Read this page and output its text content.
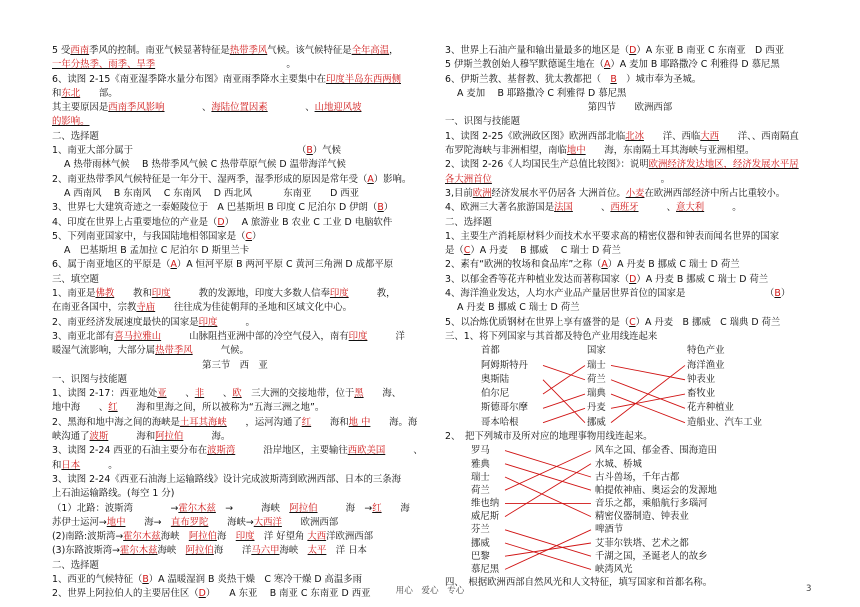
5 受西南季风的控制。南亚气候显著特征是热带季风气候。该气候特征是全年高温，
一年分热季、雨季、旱季　　　　　　　　　　　　　　。
6、读图 2-15《南亚湿季降水量分布图》南亚雨季降水主要集中在印度半岛东西两侧
和东北　　部。
其主要原因是西南季风影响　　　　、海陆位置因素　　　　、山地迎风坡
的影响。
二、选择题
1、南亚大部分属于　　　　　　　　　　　　　　　　　　（B）气候
A 热带雨林气候　 B 热带季风气候 C 热带草原气候 D 温带海洋气候
2、南亚热带季风气候特征是一年分干、湿两季，湿季形成的原因是常年受（A）影响。
A 西南风　 B 东南风　 C 东南风　 D 西北风　　　 东南亚　　D 西亚
3、世界七大建筑奇迹之一泰姬陵位于　A 巴基斯坦 B 印度 C 尼泊尔 D 伊朗（B）
4、印度在世界上占重要地位的产业是（D）　 A 旅游业 B 农业 C 工业 D 电脑软件
5、下列南亚国家中，与我国陆地相邻国家是（C）
A　巴基斯坦 B 孟加拉 C 尼泊尔 D 斯里兰卡
6、属于南亚地区的平原是（A）A 恒河平原 B 两河平原 C 黄河三角洲 D 成都平原
三、填空题
1、南亚是佛教　　教和印度　　　教的发源地，印度大多数人信奉印度　　　教，
在南亚各国中，宗教寺庙　　往往成为佳徒朝拜的圣地和区域文化中心。
2、南亚经济发展速度最快的国家是印度　　　。
3、南亚北部有喜马拉雅山　　　山脉阻挡亚洲中部的冷空气侵入，南有印度　　　洋
暖湿气流影响，大部分属热带季风　　　气候。
第三节　西　亚
一、识图与技能题
1、读图 2-17：西亚地处亚　　、非　　、欧　三大洲的交接地带，位于黑　　海、
地中海　　、红　　海和里海之间，所以被称为“五海三洲之地”。
2、黑海和地中海之间的海峡是土耳其海峡　　，运河沟通了红　　海和地 中　　海。海
峡沟通了波斯　　　海和阿拉伯　　　海。
3、读图 2-24 西亚的石油主要分布在波斯湾　　　沿岸地区，主要输往西欧美国　　　、
和日本　　　。
3、读图 2-24《西亚石油海上运输路线》设计完成波斯湾到欧洲西部、日本的三条海
上石油运输路线。(每空 1 分)
（1）北路：波斯湾　　　　→霍尔木兹　→　　　海峡　阿拉伯　　　海　→红　　海
苏伊士运河→地中　　海→　直布罗陀　　海峡→大西洋　　欧洲西部
(2)南路:波斯湾→霍尔木兹海峡　阿拉伯海　印度　洋 好望角 大西洋欧洲西部
(3)东路波斯湾→霍尔木兹海峡　阿拉伯海　　洋马六甲海峡　太平　洋 日本
二、选择题
1、西亚的气候特征（B）A 温暖湿润 B 炎热干燥　C 寒冷干燥 D 高温多雨
2、世界上阿拉伯人的主要居住区（D）　　A 东亚　 B 南亚 C 东南亚 D 西亚
3、世界上石油产量和输出量最多的地区是（D）A 东亚 B 南亚 C 东南亚　D 西亚
5 伊斯兰教创始人穆罕默德诞生地在（A）A 麦加 B 耶路撒冷 C 利雅得 D 慕尼黑
6、伊斯兰教、基督教、犹太教都把（　B　）城市奉为圣城。
A 麦加　 B 耶路撒冷 C 利雅得 D 慕尼黑
第四节　　欧洲西部
一、识图与技能题
1、读图 2-25《欧洲政区图》欧洲西部北临北冰　　洋、西临大西　　洋、、西南隔直
布罗陀海峡与非洲相望，南临地中　　海，东南隔土耳其海峡与亚洲相望。
2、读图 2-26《人均国民生产总值比较图》：说明欧洲经济发达地区，经济发展水平居
各大洲首位　　　　　　　　　　　　　　　　　　。
3,目前欧洲经济发展水平仍居各 大洲首位。小麦在欧洲西部经济中所占比重较小。
4、欧洲三大著名旅游国是法国　　　、西班牙　　　、意大利　　　。
二、选择题
1、主要生产消耗原材料少而技术水平要求高的精密仪器和钟表而闻名世界的国家
是（C）A 丹麦　 B 挪威　 C 瑞士 D 荷兰
2、素有“欧洲的牧场和食品库”之称（A）A 丹麦 B 挪威 C 瑞士 D 荷兰
3、以郁金香等花卉种植业发达而著称国家（D）A 丹麦 B 挪威 C 瑞士 D 荷兰
4、海洋渔业发达，人均水产业品产量居世界首位的国家是　　　　　　　　　（B）
A 丹麦 B 挪威 C 瑞士 D 荷兰
5、以冶炼优质钢材在世界上享有盛誉的是（C）A 丹麦　B 挪威　C 瑞典 D 荷兰
三、1、将下列国家与其首都及特色产业用线连起来
首都	国家	特色产业
阿姆斯特丹	瑞士	海洋渔业
奥斯陆	荷兰	钟表业
伯尔尼	瑞典	畜牧业
斯德哥尔摩	丹麦	花卉种植业
哥本哈根	挪威	造船业、汽车工业
2、　把下列城市及所对应的地理事物用线连起来。
罗马	风车之国、郁金香、围海造田
雅典	水城、桥城
瑞士	古斗兽场，千年古都
荷兰	帕提侬神庙、奥运会的发源地
维也纳	音乐之都，乘船航行多瑙河
威尼斯	精密仪器制造、钟表业
芬兰	啤酒节
挪威	艾菲尔铁塔、艺术之都
巴黎	千湖之国，圣诞老人的故乡
慕尼黑	峡湾风光
四、　根据欧洲西部自然风光和人文特征，填写国家和首都名称。
用心　爱心　专心	3
